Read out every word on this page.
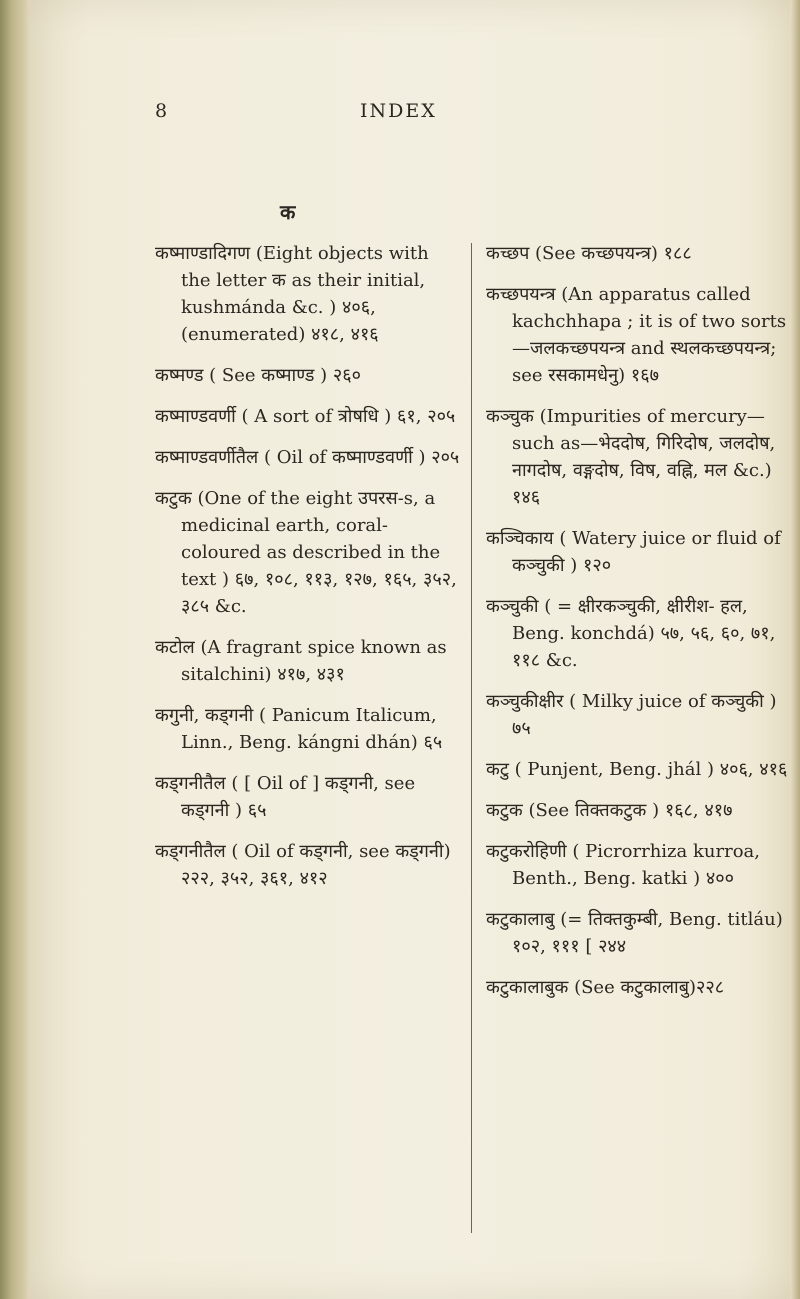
8	INDEX
क

कष्माण्डादिगण (Eight objects with the letter क as their initial, kushmánda &c. ) ४०६, (enumerated) ४१८, ४१६

कष्मण्ड ( See कष्माण्ड ) २६०

कष्माण्डवर्णी ( A sort of त्रोषधि ) ६१, २०५

कष्माण्डवर्णीतैल ( Oil of कष्माण्डवर्णी ) २०५

कटुक (One of the eight उपरस-s, a medicinal earth, coral-coloured as described in the text ) ६७, १०८, ११३, १२७, १६५, ३५२, ३८५ &c.

कटोल (A fragrant spice known as sitalchini) ४१७, ४३१

कगुनी, कड्गनी ( Panicum Italicum, Linn., Beng. kángni dhán) ६५

कड्गनीतैल ( [ Oil of ] कड्गनी, see कड्गनी ) ६५

कड्गनीतैल ( Oil of कड्गनी, see कड्गनी) २२२, ३५२, ३६१, ४१२

कच्छप (See कच्छपयन्त्र) १८८

कच्छपयन्त्र (An apparatus called kachchhapa ; it is of two sorts—जलकच्छपयन्त्र and स्थलकच्छपयन्त्र; see रसकामधेनु) १६७

कञ्चुक (Impurities of mercury— such as—भेददोष, गिरिदोष, जलदोष, नागदोष, वङ्गदोष, विष, वह्नि, मल &c.) १४६

कञ्चिकाय ( Watery juice or fluid of कञ्चुकी ) १२०

कञ्चुकी ( = क्षीरकञ्चुकी, क्षीरीश- हल, Beng. konchdá) ५७, ५६, ६०, ७१, ११८ &c.

कञ्चुकीक्षीर ( Milky juice of कञ्चुकी ) ७५

कटु ( Punjent, Beng. jhál ) ४०६, ४१६

कटुक (See तिक्तकटुक ) १६८, ४१७

कटुकरोहिणी ( Picrorrhiza kurroa, Benth., Beng. katki ) ४००

कटुकालाबु (= तिक्तकुम्बी, Beng. titláu) १०२, १११ [ २४४

कटुकालाबुक (See कटुकालाबु)२२८
